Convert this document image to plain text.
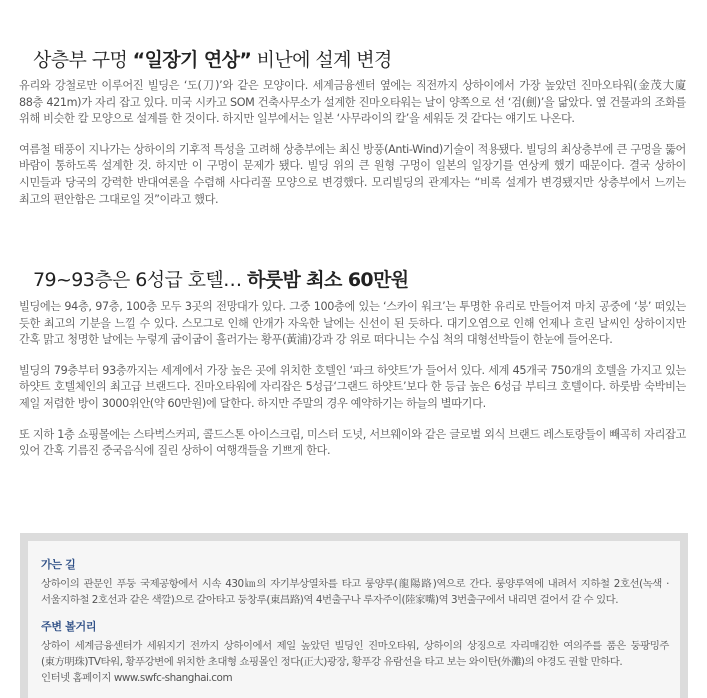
상층부 구멍 “일장기 연상” 비난에 설계 변경

유리와 강철로만 이루어진 빌딩은 ‘도(刀)’와 같은 모양이다. 세계금융센터 옆에는 직전까지 상하이에서 가장 높았던 진마오타워(金茂大廈 88층 421m)가 자리 잡고 있다. 미국 시카고 SOM 건축사무소가 설계한 진마오타워는 날이 양쪽으로 선 ‘검(劍)’을 닮았다. 옆 건물과의 조화를 위해 비슷한 칼 모양으로 설계를 한 것이다. 하지만 일부에서는 일본 ‘사무라이의 칼’을 세워둔 것 같다는 얘기도 나온다.

여름철 태풍이 지나가는 상하이의 기후적 특성을 고려해 상층부에는 최신 방풍(Anti-Wind)기술이 적용됐다. 빌딩의 최상층부에 큰 구멍을 뚫어 바람이 통하도록 설계한 것. 하지만 이 구멍이 문제가 됐다. 빌딩 위의 큰 원형 구멍이 일본의 일장기를 연상케 했기 때문이다. 결국 상하이 시민들과 당국의 강력한 반대여론을 수렴해 사다리꼴 모양으로 변경했다. 모리빌딩의 관계자는 “비록 설계가 변경됐지만 상층부에서 느끼는 최고의 편안함은 그대로일 것”이라고 했다.

79~93층은 6성급 호텔… 하룻밤 최소 60만원

빌딩에는 94층, 97층, 100층 모두 3곳의 전망대가 있다. 그중 100층에 있는 ‘스카이 워크’는 투명한 유리로 만들어져 마치 공중에 ‘붕’ 떠있는 듯한 최고의 기분을 느낄 수 있다. 스모그로 인해 안개가 자욱한 날에는 신선이 된 듯하다. 대기오염으로 인해 언제나 흐린 날씨인 상하이지만 간혹 맑고 청명한 날에는 누렇게 굽이굽이 흘러가는 황푸(黃浦)강과 강 위로 떠다니는 수십 척의 대형선박들이 한눈에 들어온다.

빌딩의 79층부터 93층까지는 세계에서 가장 높은 곳에 위치한 호텔인 ‘파크 하얏트’가 들어서 있다. 세계 45개국 750개의 호텔을 가지고 있는 하얏트 호텔체인의 최고급 브랜드다. 진마오타워에 자리잡은 5성급‘그랜드 하얏트’보다 한 등급 높은 6성급 부티크 호텔이다. 하룻밤 숙박비는 제일 저렴한 방이 3000위안(약 60만원)에 달한다. 하지만 주말의 경우 예약하기는 하늘의 별따기다.

또 지하 1층 쇼핑몰에는 스타벅스커피, 콜드스톤 아이스크림, 미스터 도넛, 서브웨이와 같은 글로벌 외식 브랜드 레스토랑들이 빼곡히 자리잡고 있어 간혹 기름진 중국음식에 질린 상하이 여행객들을 기쁘게 한다.

가는 길
상하이의 관문인 푸둥 국제공항에서 시속 430㎞의 자기부상열차를 타고 룽양루(龍陽路)역으로 간다. 룽양루역에 내려서 지하철 2호선(녹색 · 서울지하철 2호선과 같은 색깔)으로 갈아타고 둥창루(東昌路)역 4번출구나 루자주이(陸家嘴)역 3번출구에서 내리면 걸어서 갈 수 있다.
주변 볼거리
상하이 세계금융센터가 세워지기 전까지 상하이에서 제일 높았던 빌딩인 진마오타워, 상하이의 상징으로 자리매김한 여의주를 품은 둥팡밍주(東方明珠)TV타워, 황푸강변에 위치한 초대형 쇼핑몰인 정다(正大)광장, 황푸강 유람선을 타고 보는 와이탄(外灘)의 야경도 권할 만하다.
인터넷 홈페이지 www.swfc-shanghai.com
